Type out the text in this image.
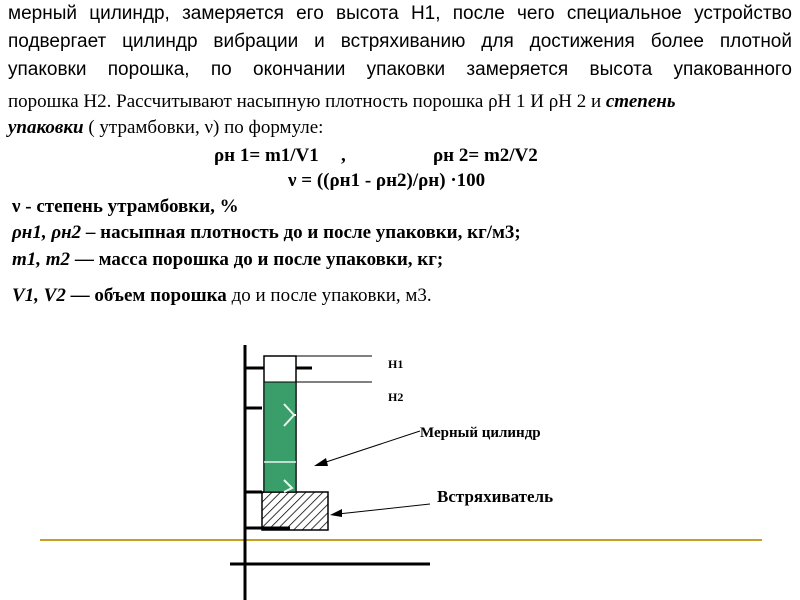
мерный цилиндр, замеряется его высота Н1, после чего специальное устройство
подвергает цилиндр вибрации и встряхиванию для достижения более плотной
упаковки порошка, по окончании упаковки замеряется высота упакованного
порошка Н2. Рассчитывают насыпную плотность порошка ρН 1 И ρН 2 и степень
упаковки ( утрамбовки, ν) по формуле:
ρн 1= m1/V1 ,	ρн 2= m2/V2
ν = ((ρн1 - ρн2)/ρн) ·100
ν - степень утрамбовки, %
ρн1, ρн2 – насыпная плотность до и после упаковки, кг/м3;
m1, m2 — масса порошка до и после упаковки, кг;
V1, V2 — объем порошка до и после упаковки, м3.
Н1
Н2
Мерный цилиндр
Встряхиватель
